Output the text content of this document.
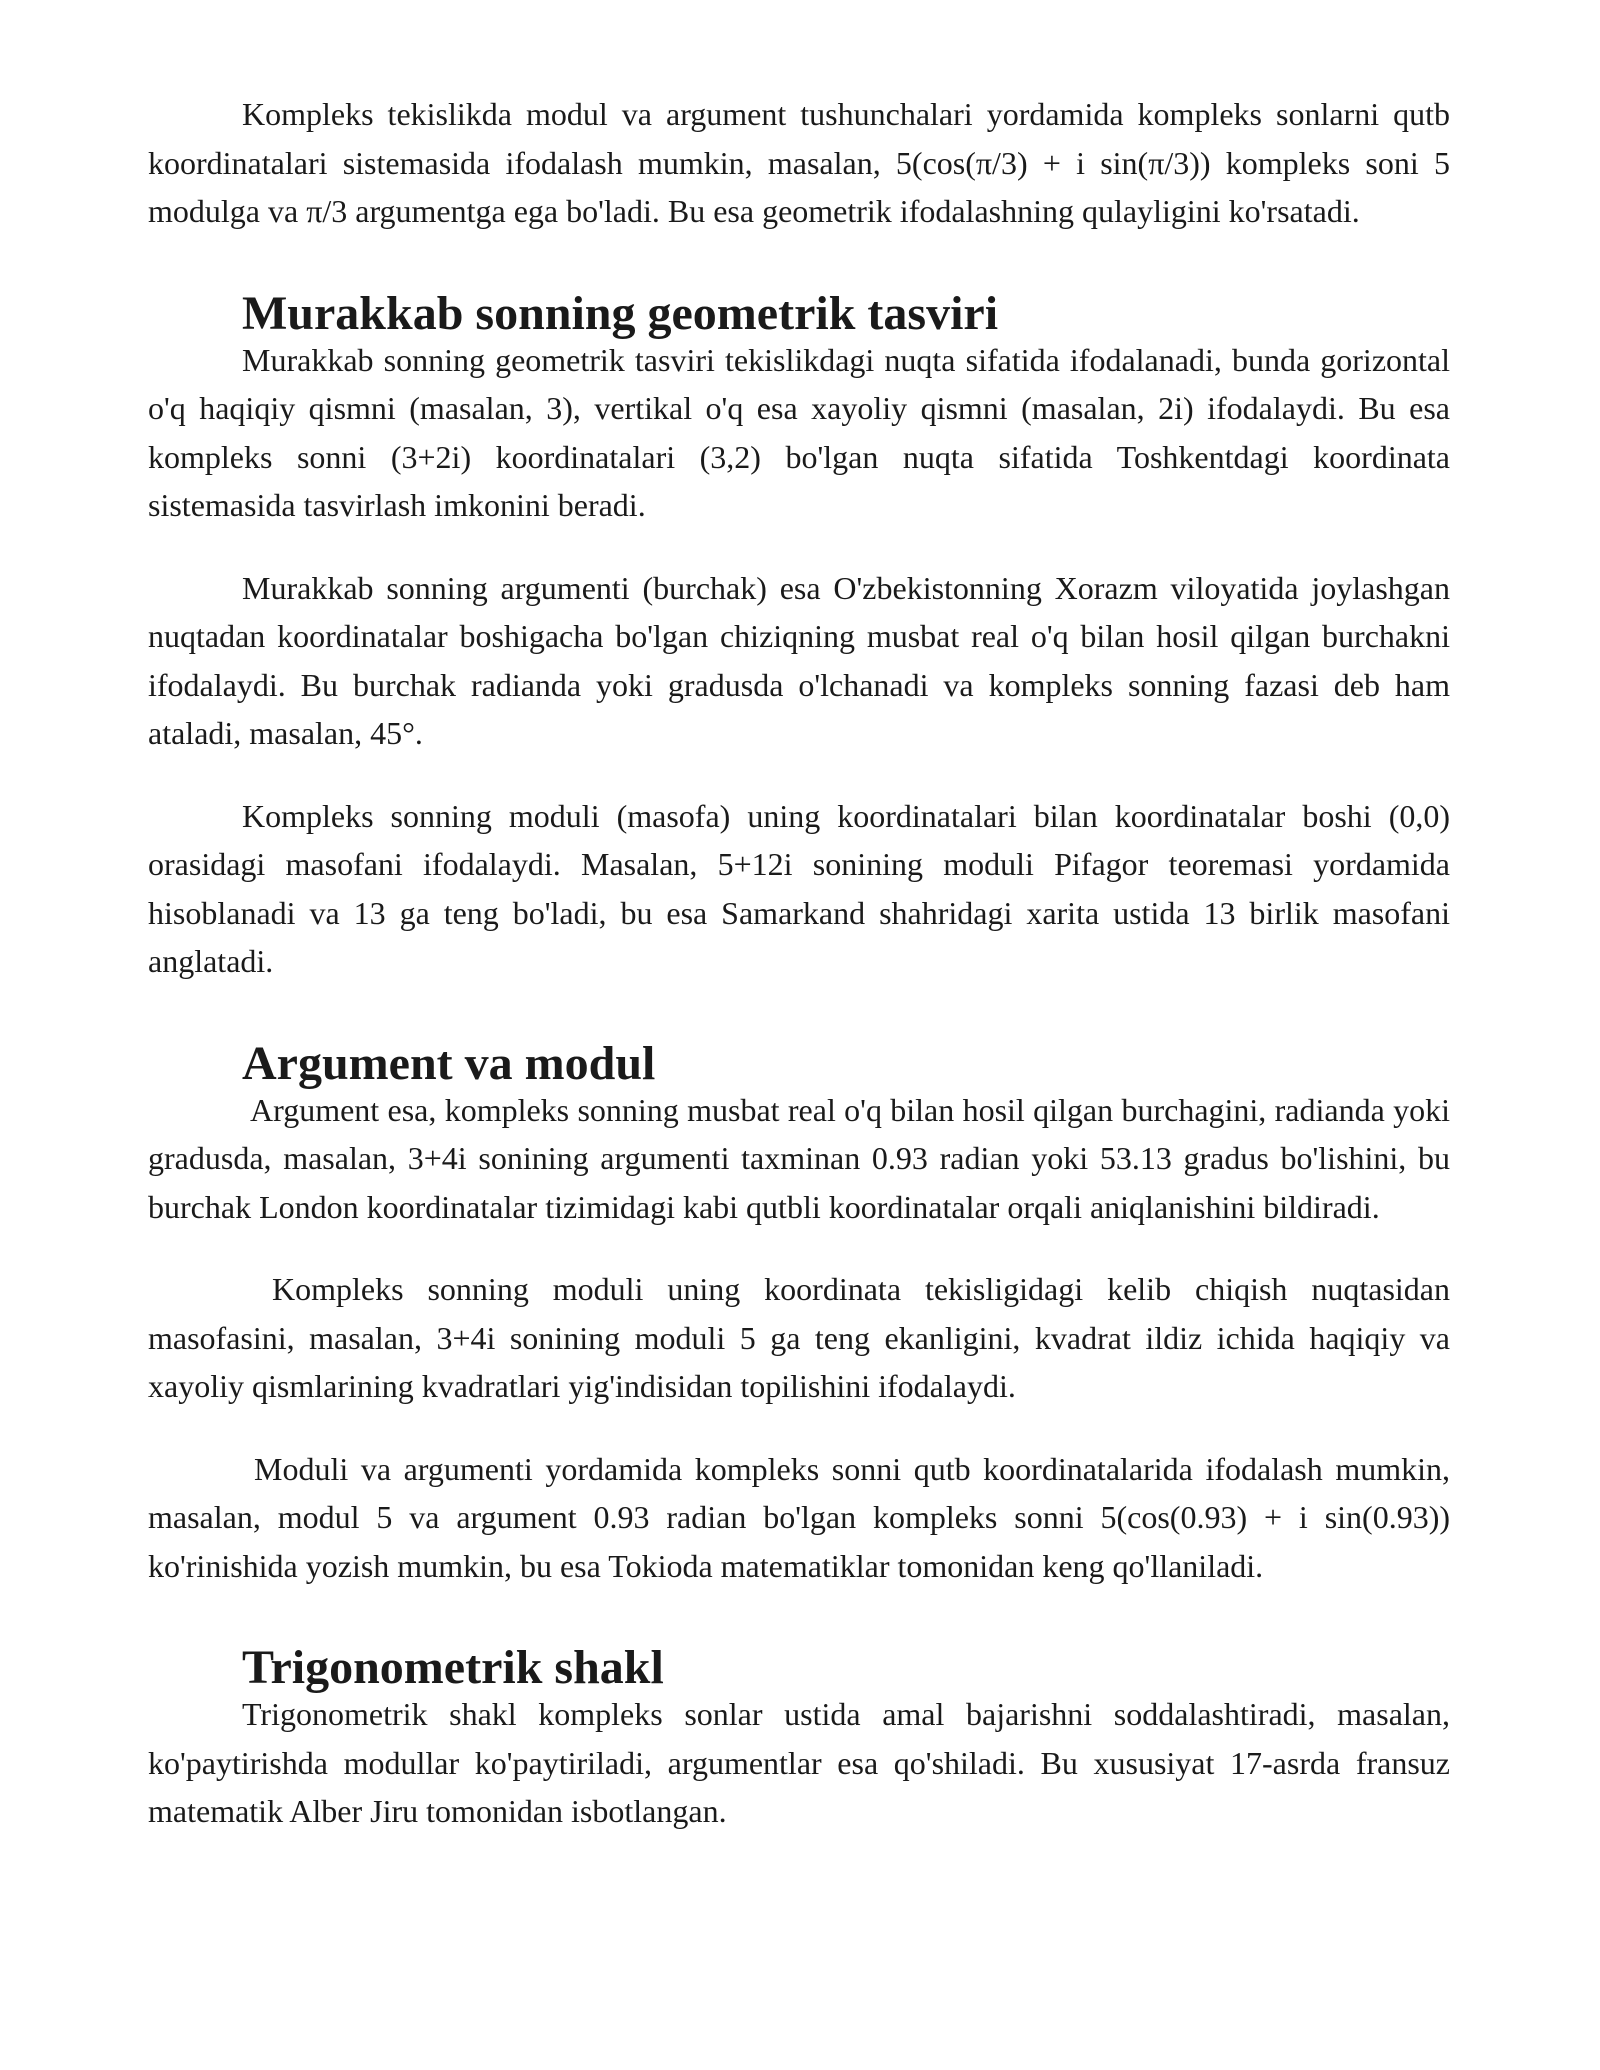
Kompleks tekislikda modul va argument tushunchalari yordamida kompleks sonlarni qutb koordinatalari sistemasida ifodalash mumkin, masalan, 5(cos(π/3) + i sin(π/3)) kompleks soni 5 modulga va π/3 argumentga ega bo'ladi. Bu esa geometrik ifodalashning qulayligini ko'rsatadi.

Murakkab sonning geometrik tasviri

Murakkab sonning geometrik tasviri tekislikdagi nuqta sifatida ifodalanadi, bunda gorizontal o'q haqiqiy qismni (masalan, 3), vertikal o'q esa xayoliy qismni (masalan, 2i) ifodalaydi. Bu esa kompleks sonni (3+2i) koordinatalari (3,2) bo'lgan nuqta sifatida Toshkentdagi koordinata sistemasida tasvirlash imkonini beradi.

Murakkab sonning argumenti (burchak) esa O'zbekistonning Xorazm viloyatida joylashgan nuqtadan koordinatalar boshigacha bo'lgan chiziqning musbat real o'q bilan hosil qilgan burchakni ifodalaydi. Bu burchak radianda yoki gradusda o'lchanadi va kompleks sonning fazasi deb ham ataladi, masalan, 45°.

Kompleks sonning moduli (masofa) uning koordinatalari bilan koordinatalar boshi (0,0) orasidagi masofani ifodalaydi. Masalan, 5+12i sonining moduli Pifagor teoremasi yordamida hisoblanadi va 13 ga teng bo'ladi, bu esa Samarkand shahridagi xarita ustida 13 birlik masofani anglatadi.

Argument va modul

Argument esa, kompleks sonning musbat real o'q bilan hosil qilgan burchagini, radianda yoki gradusda, masalan, 3+4i sonining argumenti taxminan 0.93 radian yoki 53.13 gradus bo'lishini, bu burchak London koordinatalar tizimidagi kabi qutbli koordinatalar orqali aniqlanishini bildiradi.

Kompleks sonning moduli uning koordinata tekisligidagi kelib chiqish nuqtasidan masofasini, masalan, 3+4i sonining moduli 5 ga teng ekanligini, kvadrat ildiz ichida haqiqiy va xayoliy qismlarining kvadratlari yig'indisidan topilishini ifodalaydi.

Moduli va argumenti yordamida kompleks sonni qutb koordinatalarida ifodalash mumkin, masalan, modul 5 va argument 0.93 radian bo'lgan kompleks sonni 5(cos(0.93) + i sin(0.93)) ko'rinishida yozish mumkin, bu esa Tokioda matematiklar tomonidan keng qo'llaniladi.

Trigonometrik shakl

Trigonometrik shakl kompleks sonlar ustida amal bajarishni soddalashtiradi, masalan, ko'paytirishda modullar ko'paytiriladi, argumentlar esa qo'shiladi. Bu xususiyat 17-asrda fransuz matematik Alber Jiru tomonidan isbotlangan.
